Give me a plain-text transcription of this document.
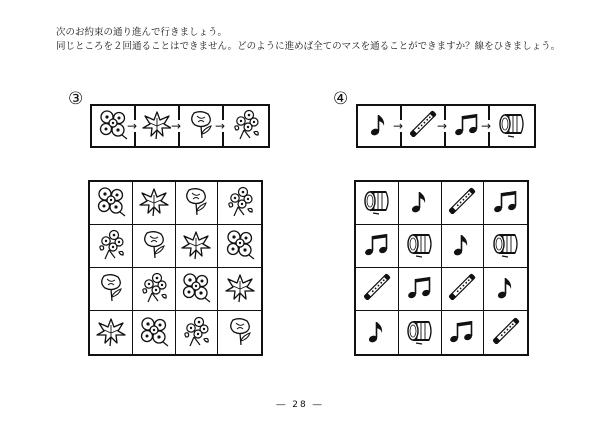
次のお約束の通り進んで行きましょう。
同じところを２回通ることはできません。どのように進めば全てのマスを通ることができますか？線をひきましょう。
③	④
→	→	→	→	→	→
― 28 ―
